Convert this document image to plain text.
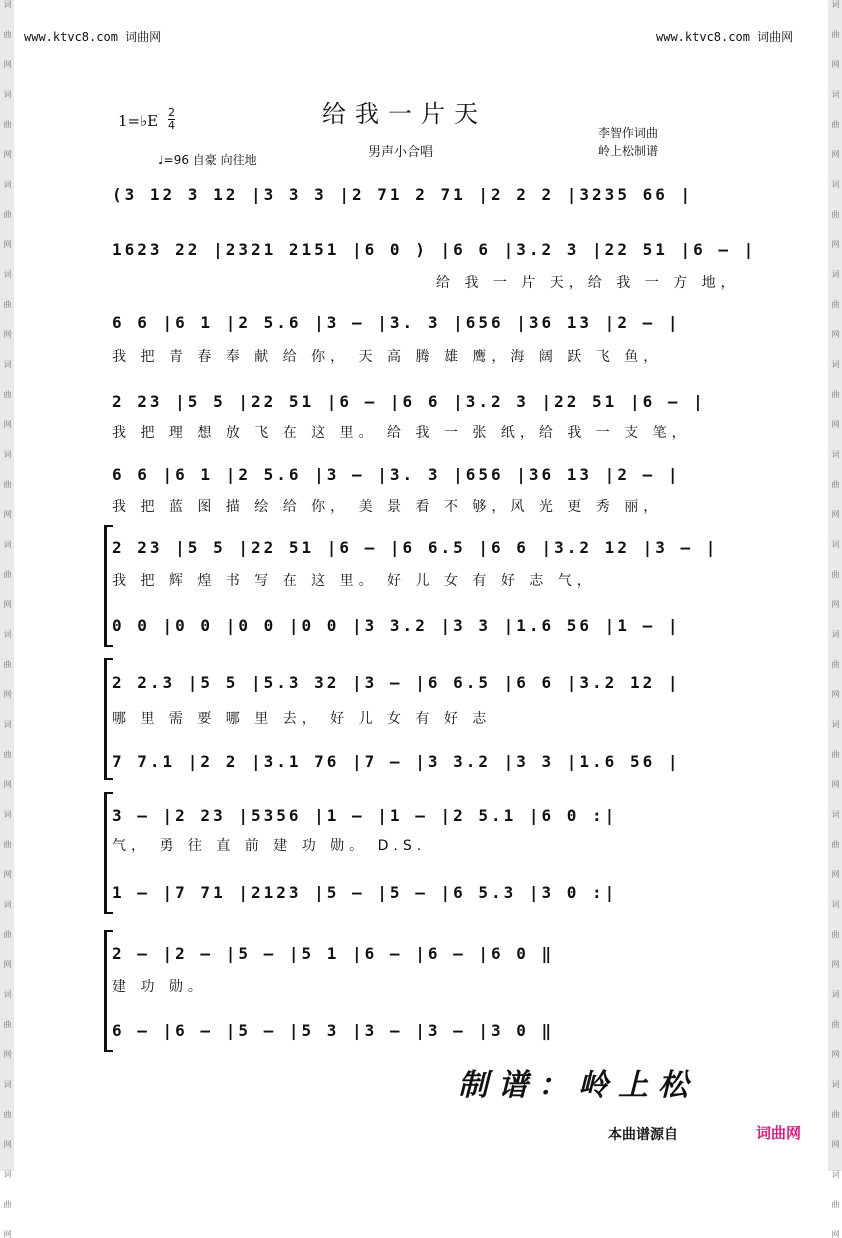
词
曲
网
词
曲
网
词
曲
网
词
曲
网
词
曲
网
词
曲
网
词
曲
网
词
曲
网
词
曲
网
词
曲
网
词
曲
网
词
曲
网
词
曲
网
词
曲
网
词
曲
网
词
曲
网
词
曲
网
词
曲
网
词
曲
网
词
曲
网
词
曲
网
词
曲
网
词
曲
网
词
曲
网
词
曲
网
词
曲
网
词
曲
网
词
曲
网
www.ktvc8.com 词曲网	www.ktvc8.com 词曲网
给我一片天
1=♭E 2
4
男声小合唱
李智作词曲
岭上松制谱
♩=96 自豪 向往地
(3 12 3 12 |3 3 3 |2 71 2 71 |2 2 2 |3235 66 |
1623 22 |2321 2151 |6 0 ) |6 6 |3.2 3 |22 51 |6 – |
给 我 一 片 天，给 我 一 方 地，
6 6 |6 1 |2 5.6 |3 – |3. 3 |656 |36 13 |2 – |
我 把 青 春 奉 献 给 你， 天 高 腾 雄 鹰，海 阔 跃 飞 鱼，
2 23 |5 5 |22 51 |6 – |6 6 |3.2 3 |22 51 |6 – |
我 把 理 想 放 飞 在 这 里。 给 我 一 张 纸，给 我 一 支 笔，
6 6 |6 1 |2 5.6 |3 – |3. 3 |656 |36 13 |2 – |
我 把 蓝 图 描 绘 给 你， 美 景 看 不 够，风 光 更 秀 丽，
2 23 |5 5 |22 51 |6 – |6 6.5 |6 6 |3.2 12 |3 – |
我 把 辉 煌 书 写 在 这 里。 好 儿 女 有 好 志 气，
0 0 |0 0 |0 0 |0 0 |3 3.2 |3 3 |1.6 56 |1 – |
2 2.3 |5 5 |5.3 32 |3 – |6 6.5 |6 6 |3.2 12 |
哪 里 需 要 哪 里 去， 好 儿 女 有 好 志
7 7.1 |2 2 |3.1 76 |7 – |3 3.2 |3 3 |1.6 56 |
3 – |2 23 |5356 |1 – |1 – |2 5.1 |6 0 :|
气， 勇 往 直 前 建 功 勋。 D.S.
1 – |7 71 |2123 |5 – |5 – |6 5.3 |3 0 :|
2 – |2 – |5 – |5 1 |6 – |6 – |6 0 ‖
建 功 勋。
6 – |6 – |5 – |5 3 |3 – |3 – |3 0 ‖
制谱：岭上松
本曲谱源自	词曲网
